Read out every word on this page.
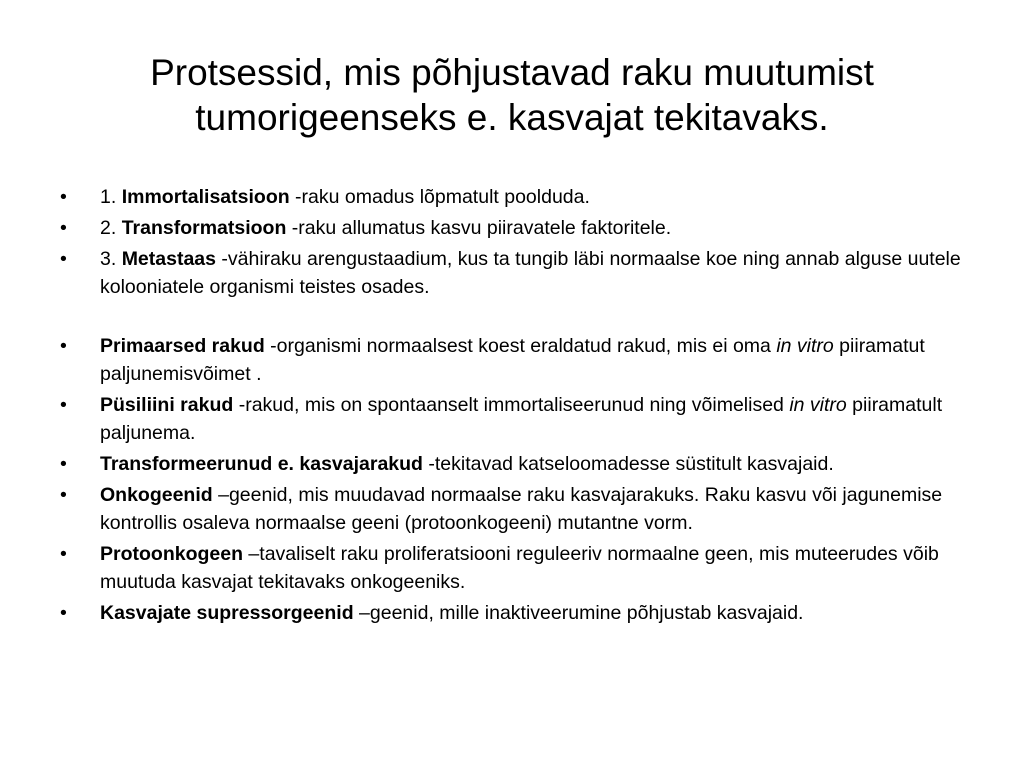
Protsessid, mis põhjustavad raku muutumist
tumorigeenseks e. kasvajat tekitavaks.
• 1. Immortalisatsioon -raku omadus lõpmatult poolduda.
• 2. Transformatsioon -raku allumatus kasvu piiravatele faktoritele.
• 3. Metastaas -vähiraku arengustaadium, kus ta tungib läbi normaalse koe ning annab alguse uutele kolooniatele organismi teistes osades.
• Primaarsed rakud -organismi normaalsest koest eraldatud rakud, mis ei oma in vitro piiramatut paljunemisvõimet .
• Püsiliini rakud -rakud, mis on spontaanselt immortaliseerunud ning võimelised in vitro piiramatult paljunema.
• Transformeerunud e. kasvajarakud -tekitavad katseloomadesse süstitult kasvajaid.
• Onkogeenid –geenid, mis muudavad normaalse raku kasvajarakuks. Raku kasvu või jagunemise kontrollis osaleva normaalse geeni (protoonkogeeni) mutantne vorm.
• Protoonkogeen –tavaliselt raku proliferatsiooni reguleeriv normaalne geen, mis muteerudes võib muutuda kasvajat tekitavaks onkogeeniks.
• Kasvajate supressorgeenid –geenid, mille inaktiveerumine põhjustab kasvajaid.
